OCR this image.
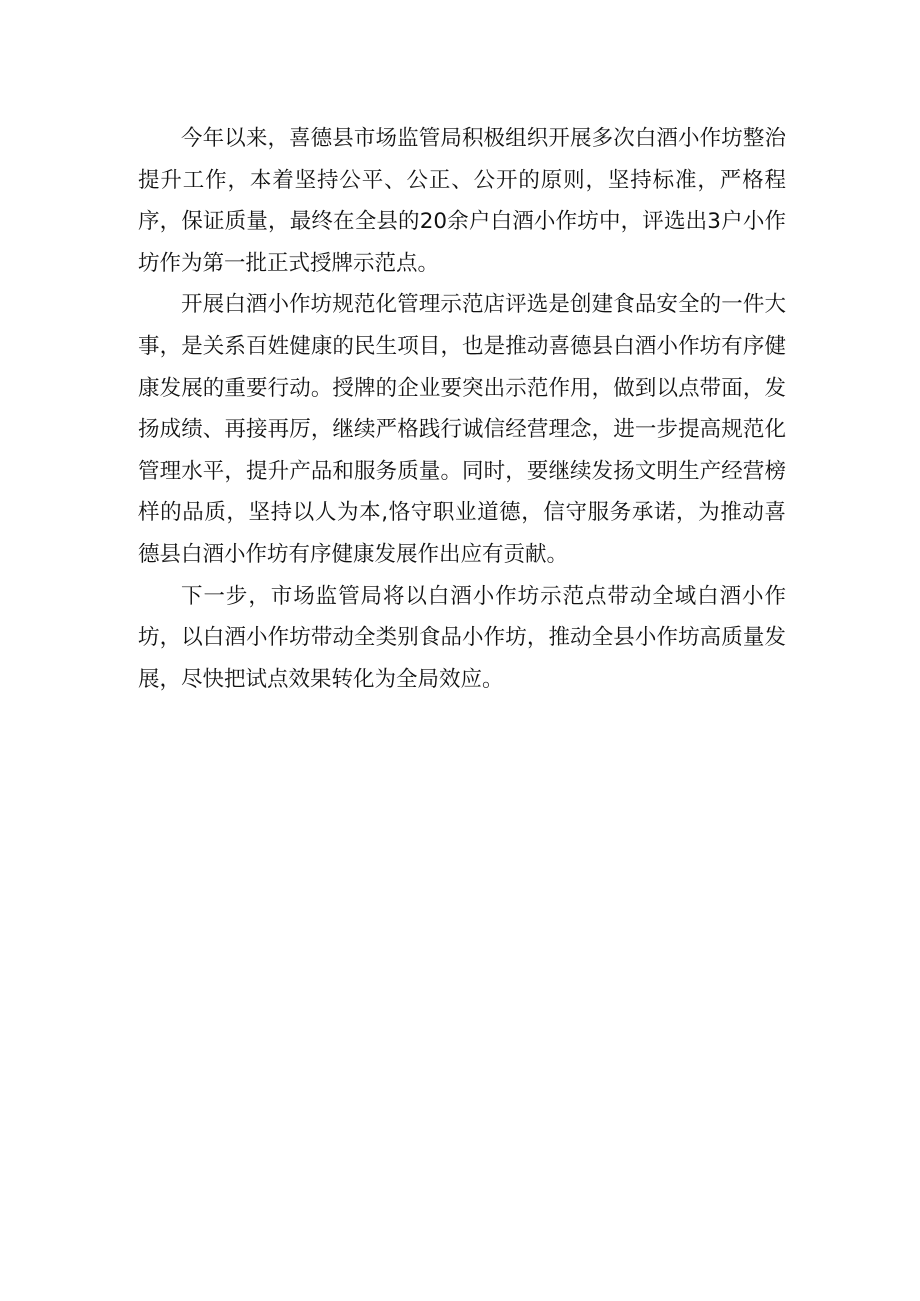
今年以来，喜德县市场监管局积极组织开展多次白酒小作坊整治提升工作，本着坚持公平、公正、公开的原则，坚持标准，严格程序，保证质量，最终在全县的20余户白酒小作坊中，评选出3户小作坊作为第一批正式授牌示范点。

开展白酒小作坊规范化管理示范店评选是创建食品安全的一件大事，是关系百姓健康的民生项目，也是推动喜德县白酒小作坊有序健康发展的重要行动。授牌的企业要突出示范作用，做到以点带面，发扬成绩、再接再厉，继续严格践行诚信经营理念，进一步提高规范化管理水平，提升产品和服务质量。同时，要继续发扬文明生产经营榜样的品质，坚持以人为本,恪守职业道德，信守服务承诺，为推动喜德县白酒小作坊有序健康发展作出应有贡献。

下一步，市场监管局将以白酒小作坊示范点带动全域白酒小作坊，以白酒小作坊带动全类别食品小作坊，推动全县小作坊高质量发展，尽快把试点效果转化为全局效应。
